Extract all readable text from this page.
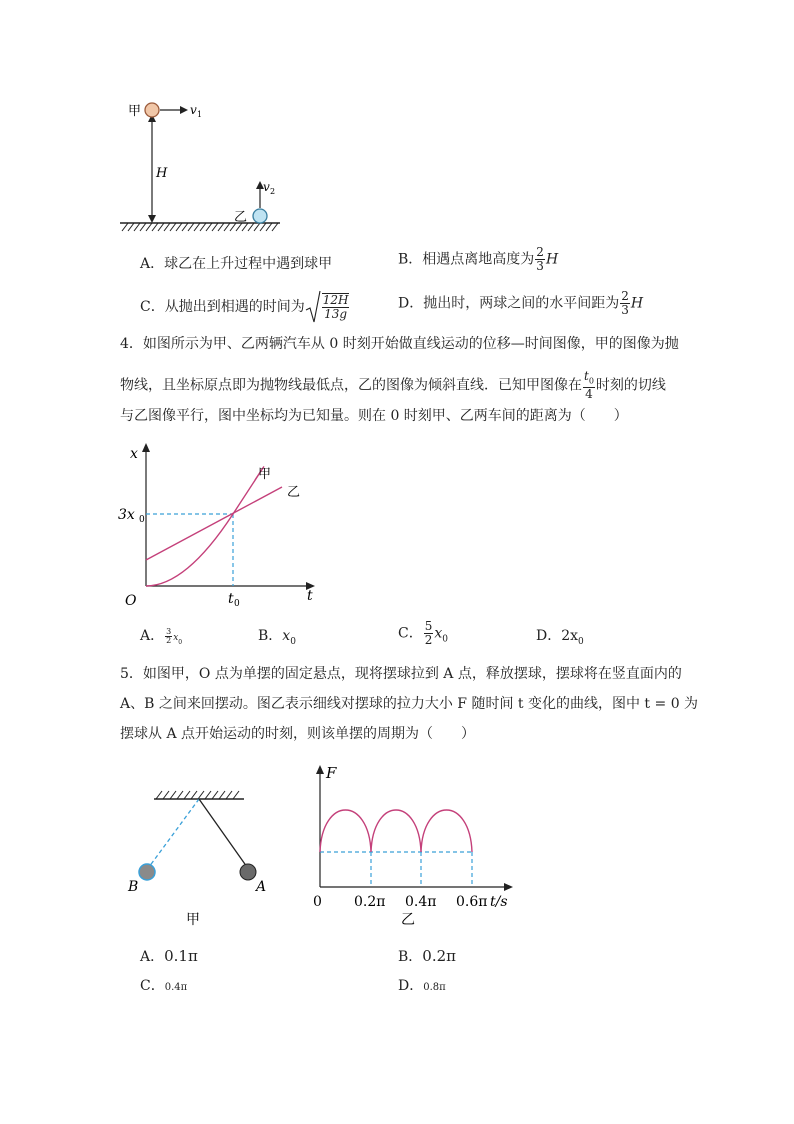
H
甲	v 1
乙
v 2
A．球乙在上升过程中遇到球甲	B．相遇点离地高度为 $\frac{2}{3}$ H
C．从抛出到相遇的时间为 $\frac{12H}{13g}$	D．抛出时，两球之间的水平间距为 $\frac{2}{3}$ H
4．如图所示为甲、乙两辆汽车从 0 时刻开始做直线运动的位移—时间图像，甲的图像为抛
物线，且坐标原点即为抛物线最低点，乙的图像为倾斜直线．已知甲图像在 $\frac{t_0}{4}$ 时刻的切线
与乙图像平行，图中坐标均为已知量。则在 0 时刻甲、乙两车间的距离为（　　）
x
t
O
3x 0
t 0
甲
乙
A． $\frac{3}{2} x_0$	B．$x_0$
C． $\frac{5}{2} x_0$	D．$2x_0$
5．如图甲，O 点为单摆的固定悬点，现将摆球拉到 A 点，释放摆球，摆球将在竖直面内的
A、B 之间来回摆动。图乙表示细线对摆球的拉力大小 F 随时间 t 变化的曲线，图中 t = 0 为
摆球从 A 点开始运动的时刻，则该单摆的周期为（　　）
B	A
甲
F
0 0.2π 0.4π 0.6π t/s
乙
A．0.1π	B．0.2π
C．0.4π	D．0.8π
